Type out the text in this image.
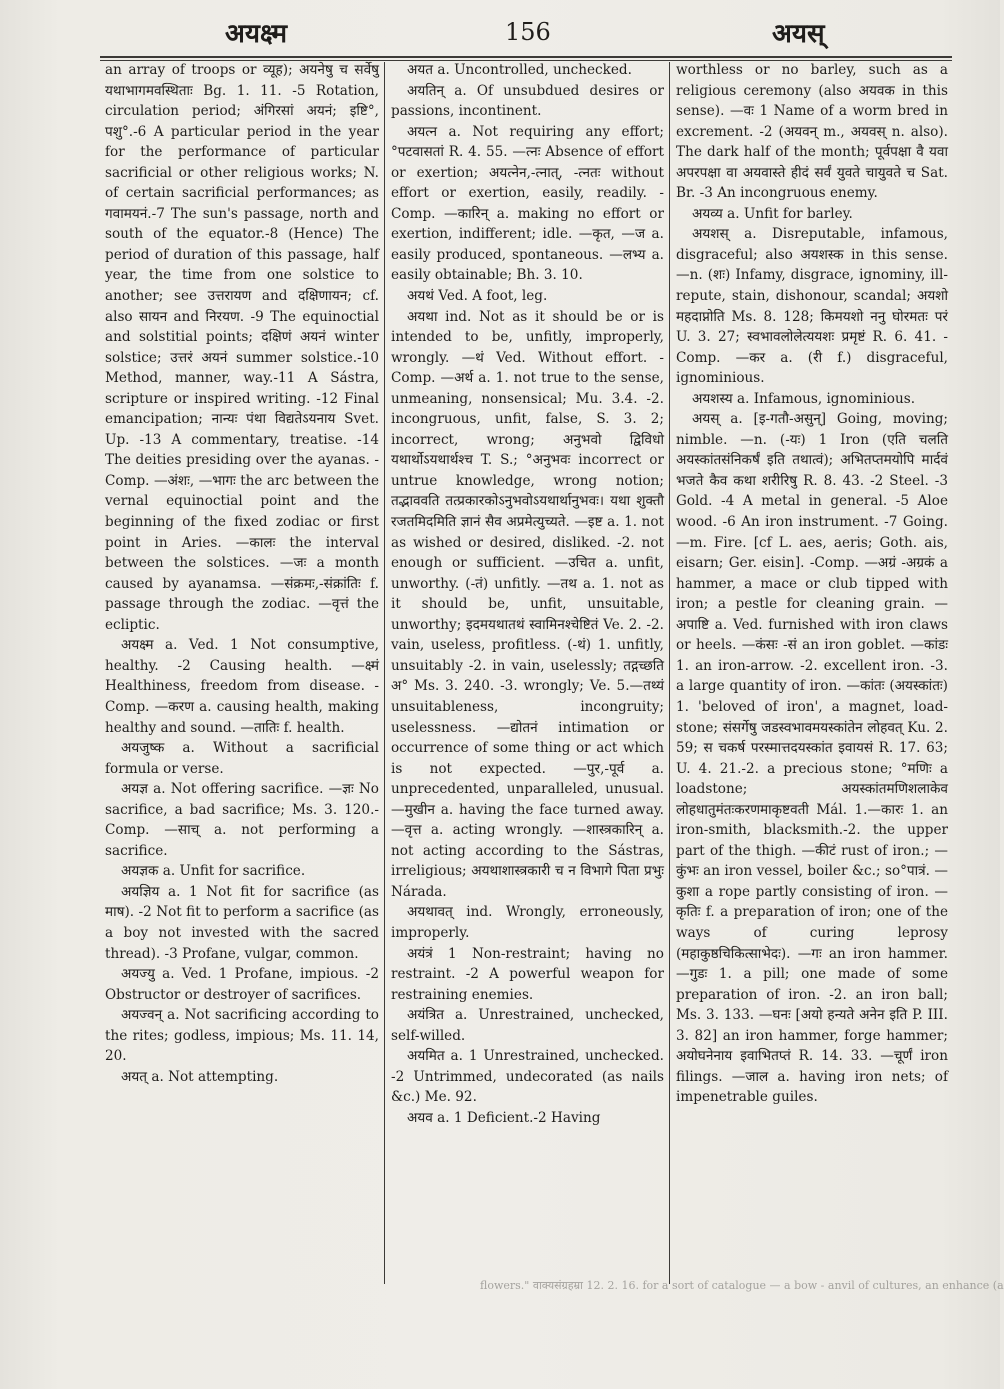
अयक्ष्म	156	अयस्

an array of troops or व्यूह); अयनेषु च सर्वेषु यथाभागमवस्थिताः Bg. 1. 11. -5 Rotation, circulation period; अंगिरसां अयनं; इष्टि°, पशु°.-6 A particular period in the year for the performance of particular sacrificial or other religious works; N. of certain sacrificial performances; as गवामयनं.-7 The sun's passage, north and south of the equator.-8 (Hence) The period of duration of this passage, half year, the time from one solstice to another; see उत्तरायण and दक्षिणायन; cf. also सायन and निरयण. -9 The equinoctial and solstitial points; दक्षिणं अयनं winter solstice; उत्तरं अयनं summer solstice.-10 Method, manner, way.-11 A Sástra, scripture or inspired writing. -12 Final emancipation; नान्यः पंथा विद्यतेऽयनाय Svet. Up. -13 A commentary, treatise. -14 The deities presiding over the ayanas. -Comp. —अंशः, —भागः the arc between the vernal equinoctial point and the beginning of the fixed zodiac or first point in Aries. —कालः the interval between the solstices. —जः a month caused by ayanamsa. —संक्रमः,-संक्रांतिः f. passage through the zodiac. —वृत्तं the ecliptic.

अयक्ष्म a. Ved. 1 Not consumptive, healthy. -2 Causing health. —क्ष्मं Healthiness, freedom from disease. -Comp. —करण a. causing health, making healthy and sound. —तातिः f. health.

अयजुष्क a. Without a sacrificial formula or verse.

अयज्ञ a. Not offering sacrifice. —ज्ञः No sacrifice, a bad sacrifice; Ms. 3. 120.-Comp. —साच् a. not performing a sacrifice.

अयज्ञक a. Unfit for sacrifice.

अयज्ञिय a. 1 Not fit for sacrifice (as माष). -2 Not fit to perform a sacrifice (as a boy not invested with the sacred thread). -3 Profane, vulgar, common.

अयज्यु a. Ved. 1 Profane, impious. -2 Obstructor or destroyer of sacrifices.

अयज्वन् a. Not sacrificing according to the rites; godless, impious; Ms. 11. 14, 20.

अयत् a. Not attempting.

अयत a. Uncontrolled, unchecked.

अयतिन् a. Of unsubdued desires or passions, incontinent.

अयत्न a. Not requiring any effort; °पटवासतां R. 4. 55. —त्नः Absence of effort or exertion; अयत्नेन,-त्नात्, -त्नतः without effort or exertion, easily, readily. -Comp. —कारिन् a. making no effort or exertion, indifferent; idle. —कृत, —ज a. easily produced, spontaneous. —लभ्य a. easily obtainable; Bh. 3. 10.

अयथं Ved. A foot, leg.

अयथा ind. Not as it should be or is intended to be, unfitly, improperly, wrongly. —थं Ved. Without effort. -Comp. —अर्थ a. 1. not true to the sense, unmeaning, nonsensical; Mu. 3.4. -2. incongruous, unfit, false, S. 3. 2; incorrect, wrong; अनुभवो द्विविधो यथार्थोऽयथार्थश्च T. S.; °अनुभवः incorrect or untrue knowledge, wrong notion; तद्भाववति तत्प्रकारकोऽनुभवोऽयथार्थानुभवः। यथा शुक्तौ रजतमिदमिति ज्ञानं सैव अप्रमेत्युच्यते. —इष्ट a. 1. not as wished or desired, disliked. -2. not enough or sufficient. —उचित a. unfit, unworthy. (-तं) unfitly. —तथ a. 1. not as it should be, unfit, unsuitable, unworthy; इदमयथातथं स्वामिनश्चेष्टितं Ve. 2. -2. vain, useless, profitless. (-थं) 1. unfitly, unsuitably -2. in vain, uselessly; तद्गच्छति अ° Ms. 3. 240. -3. wrongly; Ve. 5.—तथ्यं unsuitableness, incongruity; uselessness. —द्योतनं intimation or occurrence of some thing or act which is not expected. —पुर,-पूर्व a. unprecedented, unparalleled, unusual. —मुखीन a. having the face turned away.—वृत्त a. acting wrongly. —शास्त्रकारिन् a. not acting according to the Sástras, irreligious; अयथाशास्त्रकारी च न विभागे पिता प्रभुः Nárada.

अयथावत् ind. Wrongly, erroneously, improperly.

अयंत्रं 1 Non-restraint; having no restraint. -2 A powerful weapon for restraining enemies.

अयंत्रित a. Unrestrained, unchecked, self-willed.

अयमित a. 1 Unrestrained, unchecked. -2 Untrimmed, undecorated (as nails &c.) Me. 92.

अयव a. 1 Deficient.-2 Having

worthless or no barley, such as a religious ceremony (also अयवक in this sense). —वः 1 Name of a worm bred in excrement. -2 (अयवन् m., अयवस् n. also). The dark half of the month; पूर्वपक्षा वै यवा अपरपक्षा वा अयवास्ते हीदं सर्वं युवते चायुवते च Sat. Br. -3 An incongruous enemy.

अयव्य a. Unfit for barley.

अयशस् a. Disreputable, infamous, disgraceful; also अयशस्क in this sense. —n. (शः) Infamy, disgrace, ignominy, ill-repute, stain, dishonour, scandal; अयशो महदाप्नोति Ms. 8. 128; किमयशो ननु घोरमतः परं U. 3. 27; स्वभावलोलेत्ययशः प्रमृष्टं R. 6. 41. -Comp. —कर a. (री f.) disgraceful, ignominious.

अयशस्य a. Infamous, ignominious.

अयस् a. [इ-गतौ-असुन्] Going, moving; nimble. —n. (-यः) 1 Iron (एति चलति अयस्कांतसंनिकर्षं इति तथात्वं); अभितप्तमयोपि मार्दवं भजते कैव कथा शरीरिषु R. 8. 43. -2 Steel. -3 Gold. -4 A metal in general. -5 Aloe wood. -6 An iron instrument. -7 Going. —m. Fire. [cf L. aes, aeris; Goth. ais, eisarn; Ger. eisin]. -Comp. —अग्रं -अग्रकं a hammer, a mace or club tipped with iron; a pestle for cleaning grain. —अपाष्टि a. Ved. furnished with iron claws or heels. —कंसः -सं an iron goblet. —कांडः 1. an iron-arrow. -2. excellent iron. -3. a large quantity of iron. —कांतः (अयस्कांतः) 1. 'beloved of iron', a magnet, load-stone; संसर्गेषु जडस्वभावमयस्कांतेन लोहवत् Ku. 2. 59; स चकर्ष परस्मात्तदयस्कांत इवायसं R. 17. 63; U. 4. 21.-2. a precious stone; °मणिः a loadstone; अयस्कांतमणिशलाकेव लोहधातुमंतःकरणमाकृष्टवती Mál. 1.—कारः 1. an iron-smith, blacksmith.-2. the upper part of the thigh. —कीटं rust of iron.; —कुंभः an iron vessel, boiler &c.; so°पात्रं. —कुशा a rope partly consisting of iron. —कृतिः f. a preparation of iron; one of the ways of curing leprosy (महाकुष्ठचिकित्साभेदः). —गः an iron hammer. —गुडः 1. a pill; one made of some preparation of iron. -2. an iron ball; Ms. 3. 133. —घनः [अयो हन्यते अनेन इति P. III. 3. 82] an iron hammer, forge hammer; अयोघनेनाय इवाभितप्तं R. 14. 33. —चूर्णं iron filings. —जाल a. having iron nets; of impenetrable guiles.

flowers." वाक्यसंग्रहम्रा 12. 2. 16. for a sort of catalogue — a bow - anvil of cultures, an enhance (a
